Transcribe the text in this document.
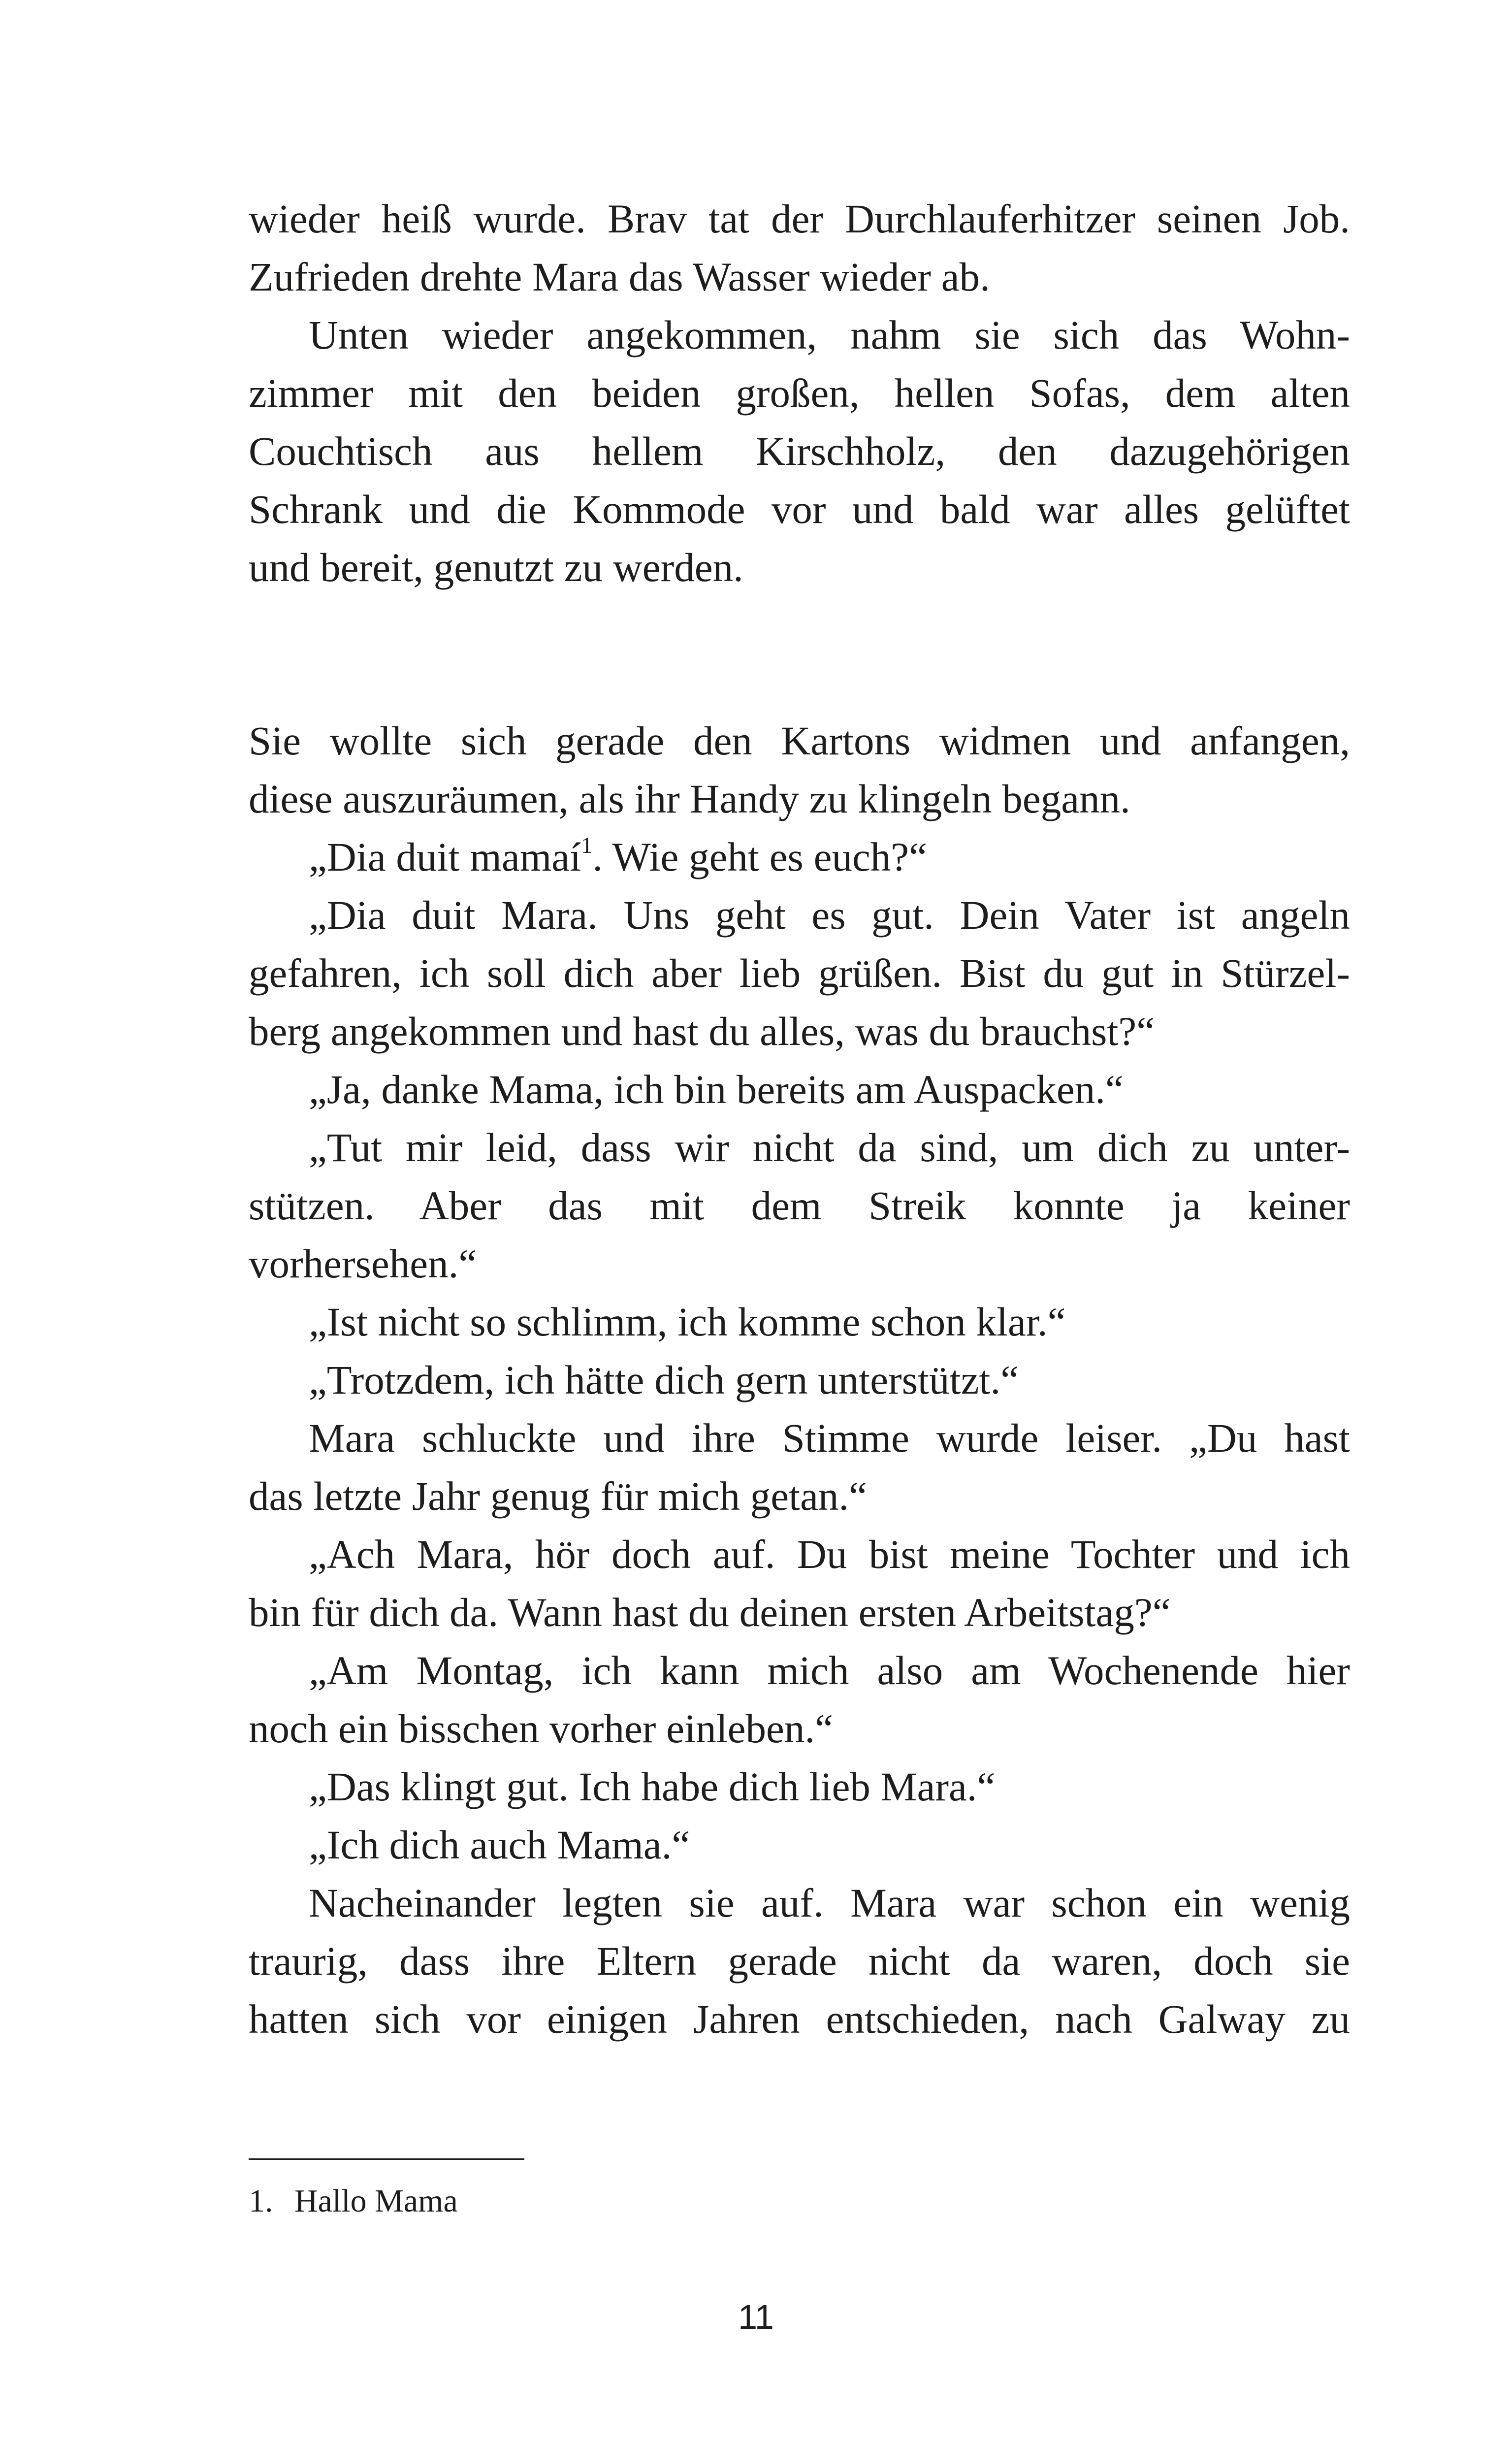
wieder heiß wurde. Brav tat der Durchlauferhitzer seinen Job.
Zufrieden drehte Mara das Wasser wieder ab.
Unten wieder angekommen, nahm sie sich das Wohn-
zimmer mit den beiden großen, hellen Sofas, dem alten
Couchtisch aus hellem Kirschholz, den dazugehörigen
Schrank und die Kommode vor und bald war alles gelüftet
und bereit, genutzt zu werden.
Sie wollte sich gerade den Kartons widmen und anfangen,
diese auszuräumen, als ihr Handy zu klingeln begann.
„Dia duit mamaí$^1$. Wie geht es euch?“
„Dia duit Mara. Uns geht es gut. Dein Vater ist angeln
gefahren, ich soll dich aber lieb grüßen. Bist du gut in Stürzel-
berg angekommen und hast du alles, was du brauchst?“
„Ja, danke Mama, ich bin bereits am Auspacken.“
„Tut mir leid, dass wir nicht da sind, um dich zu unter-
stützen. Aber das mit dem Streik konnte ja keiner
vorhersehen.“
„Ist nicht so schlimm, ich komme schon klar.“
„Trotzdem, ich hätte dich gern unterstützt.“
Mara schluckte und ihre Stimme wurde leiser. „Du hast
das letzte Jahr genug für mich getan.“
„Ach Mara, hör doch auf. Du bist meine Tochter und ich
bin für dich da. Wann hast du deinen ersten Arbeitstag?“
„Am Montag, ich kann mich also am Wochenende hier
noch ein bisschen vorher einleben.“
„Das klingt gut. Ich habe dich lieb Mara.“
„Ich dich auch Mama.“
Nacheinander legten sie auf. Mara war schon ein wenig
traurig, dass ihre Eltern gerade nicht da waren, doch sie
hatten sich vor einigen Jahren entschieden, nach Galway zu
1. Hallo Mama
11
